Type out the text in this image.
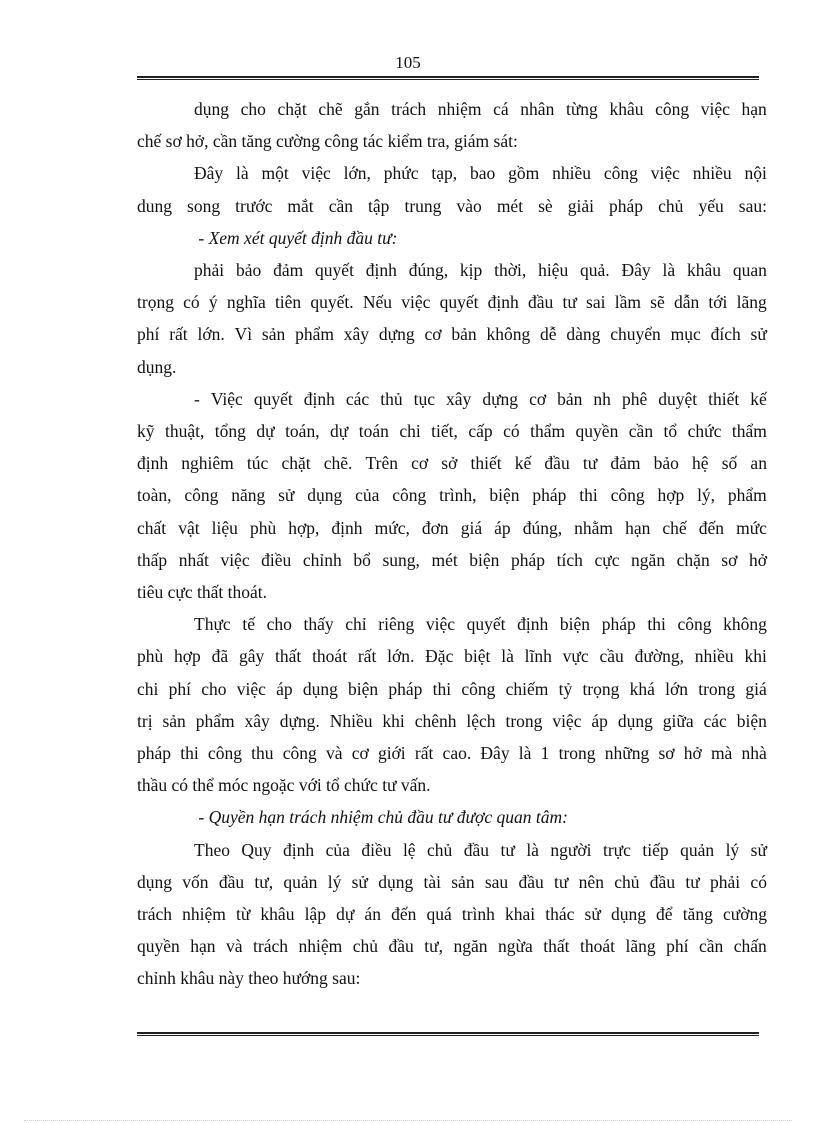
105
dụng cho chặt chẽ gắn trách nhiệm cá nhân từng khâu công việc hạn
chế sơ hở, cần tăng cường công tác kiểm tra, giám sát:
Đây là một việc lớn, phức tạp, bao gồm nhiều công việc nhiều nội
dung song trước mắt cần tập trung vào mét sè giải pháp chủ yếu sau:
- Xem xét quyết định đầu tư:
phải bảo đảm quyết định đúng, kịp thời, hiệu quả. Đây là khâu quan
trọng có ý nghĩa tiên quyết. Nếu việc quyết định đầu tư sai lầm sẽ dẫn tới lãng
phí rất lớn. Vì sản phẩm xây dựng cơ bản không dễ dàng chuyển mục đích sử
dụng.
- Việc quyết định các thủ tục xây dựng cơ bản nh phê duyệt thiết kế
kỹ thuật, tổng dự toán, dự toán chi tiết, cấp có thẩm quyền cần tổ chức thẩm
định nghiêm túc chặt chẽ. Trên cơ sở thiết kế đầu tư đảm bảo hệ số an
toàn, công năng sử dụng của công trình, biện pháp thi công hợp lý, phẩm
chất vật liệu phù hợp, định mức, đơn giá áp đúng, nhằm hạn chế đến mức
thấp nhất việc điều chỉnh bổ sung, mét biện pháp tích cực ngăn chặn sơ hở
tiêu cực thất thoát.
Thực tế cho thấy chỉ riêng việc quyết định biện pháp thi công không
phù hợp đã gây thất thoát rất lớn. Đặc biệt là lĩnh vực cầu đường, nhiều khi
chi phí cho việc áp dụng biện pháp thi công chiếm tỷ trọng khá lớn trong giá
trị sản phẩm xây dựng. Nhiều khi chênh lệch trong việc áp dụng giữa các biện
pháp thi công thu công và cơ giới rất cao. Đây là 1 trong những sơ hở mà nhà
thầu có thể móc ngoặc với tổ chức tư vấn.
- Quyền hạn trách nhiệm chủ đầu tư được quan tâm:
Theo Quy định của điều lệ chủ đầu tư là người trực tiếp quản lý sử
dụng vốn đầu tư, quản lý sử dụng tài sản sau đầu tư nên chủ đầu tư phải có
trách nhiệm từ khâu lập dự án đến quá trình khai thác sử dụng để tăng cường
quyền hạn và trách nhiệm chủ đầu tư, ngăn ngừa thất thoát lãng phí cần chấn
chỉnh khâu này theo hướng sau:
